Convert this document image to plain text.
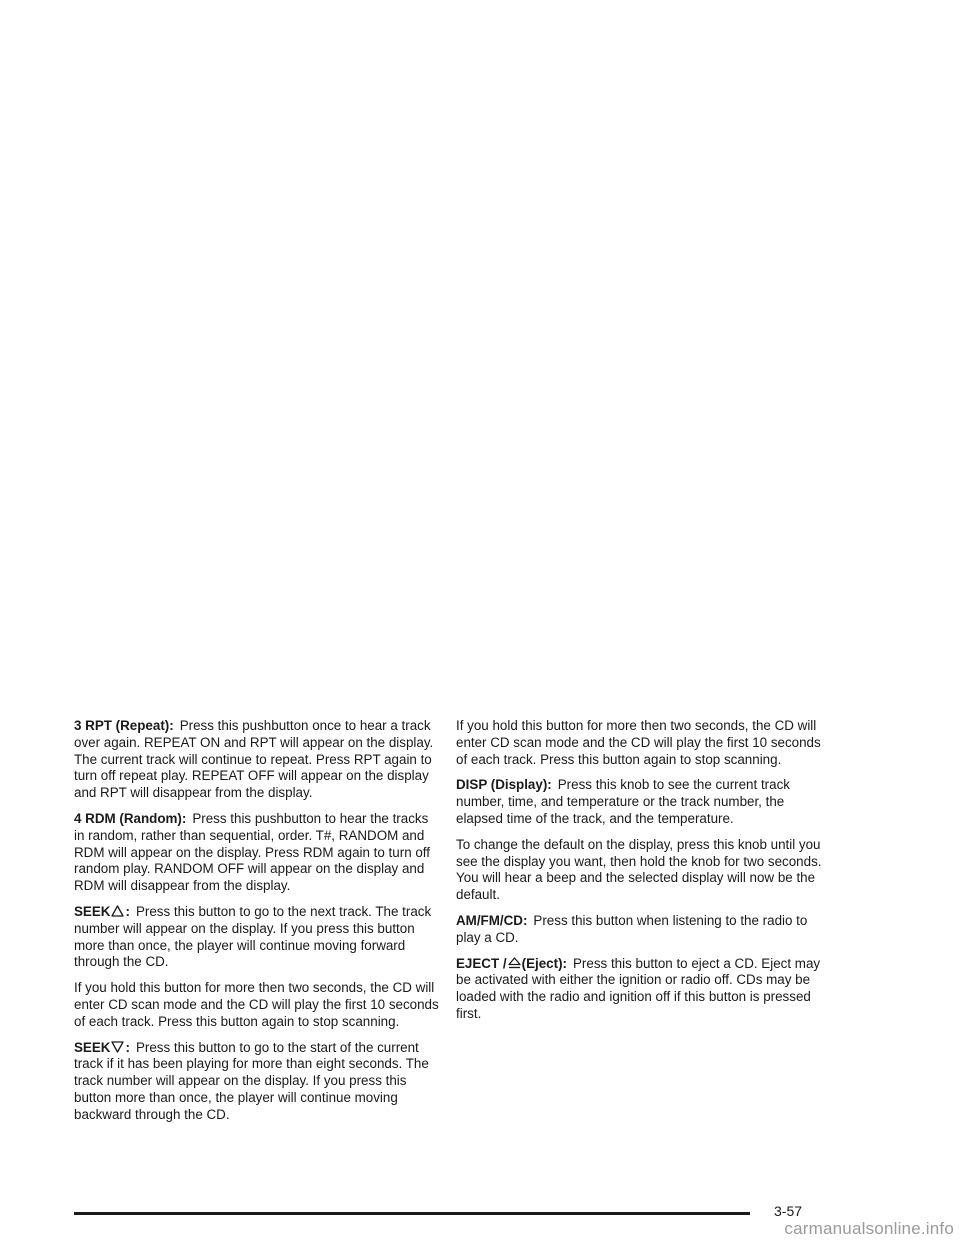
3 RPT (Repeat): Press this pushbutton once to hear a track over again. REPEAT ON and RPT will appear on the display. The current track will continue to repeat. Press RPT again to turn off repeat play. REPEAT OFF will appear on the display and RPT will disappear from the display.

4 RDM (Random): Press this pushbutton to hear the tracks in random, rather than sequential, order. T#, RANDOM and RDM will appear on the display. Press RDM again to turn off random play. RANDOM OFF will appear on the display and RDM will disappear from the display.

SEEK : Press this button to go to the next track. The track number will appear on the display. If you press this button more than once, the player will continue moving forward through the CD.

If you hold this button for more then two seconds, the CD will enter CD scan mode and the CD will play the first 10 seconds of each track. Press this button again to stop scanning.

SEEK : Press this button to go to the start of the current track if it has been playing for more than eight seconds. The track number will appear on the display. If you press this button more than once, the player will continue moving backward through the CD.

If you hold this button for more then two seconds, the CD will enter CD scan mode and the CD will play the first 10 seconds of each track. Press this button again to stop scanning.

DISP (Display): Press this knob to see the current track number, time, and temperature or the track number, the elapsed time of the track, and the temperature.

To change the default on the display, press this knob until you see the display you want, then hold the knob for two seconds. You will hear a beep and the selected display will now be the default.

AM/FM/CD: Press this button when listening to the radio to play a CD.

EJECT / (Eject): Press this button to eject a CD. Eject may be activated with either the ignition or radio off. CDs may be loaded with the radio and ignition off if this button is pressed first.

3-57
carmanualsonline.info
